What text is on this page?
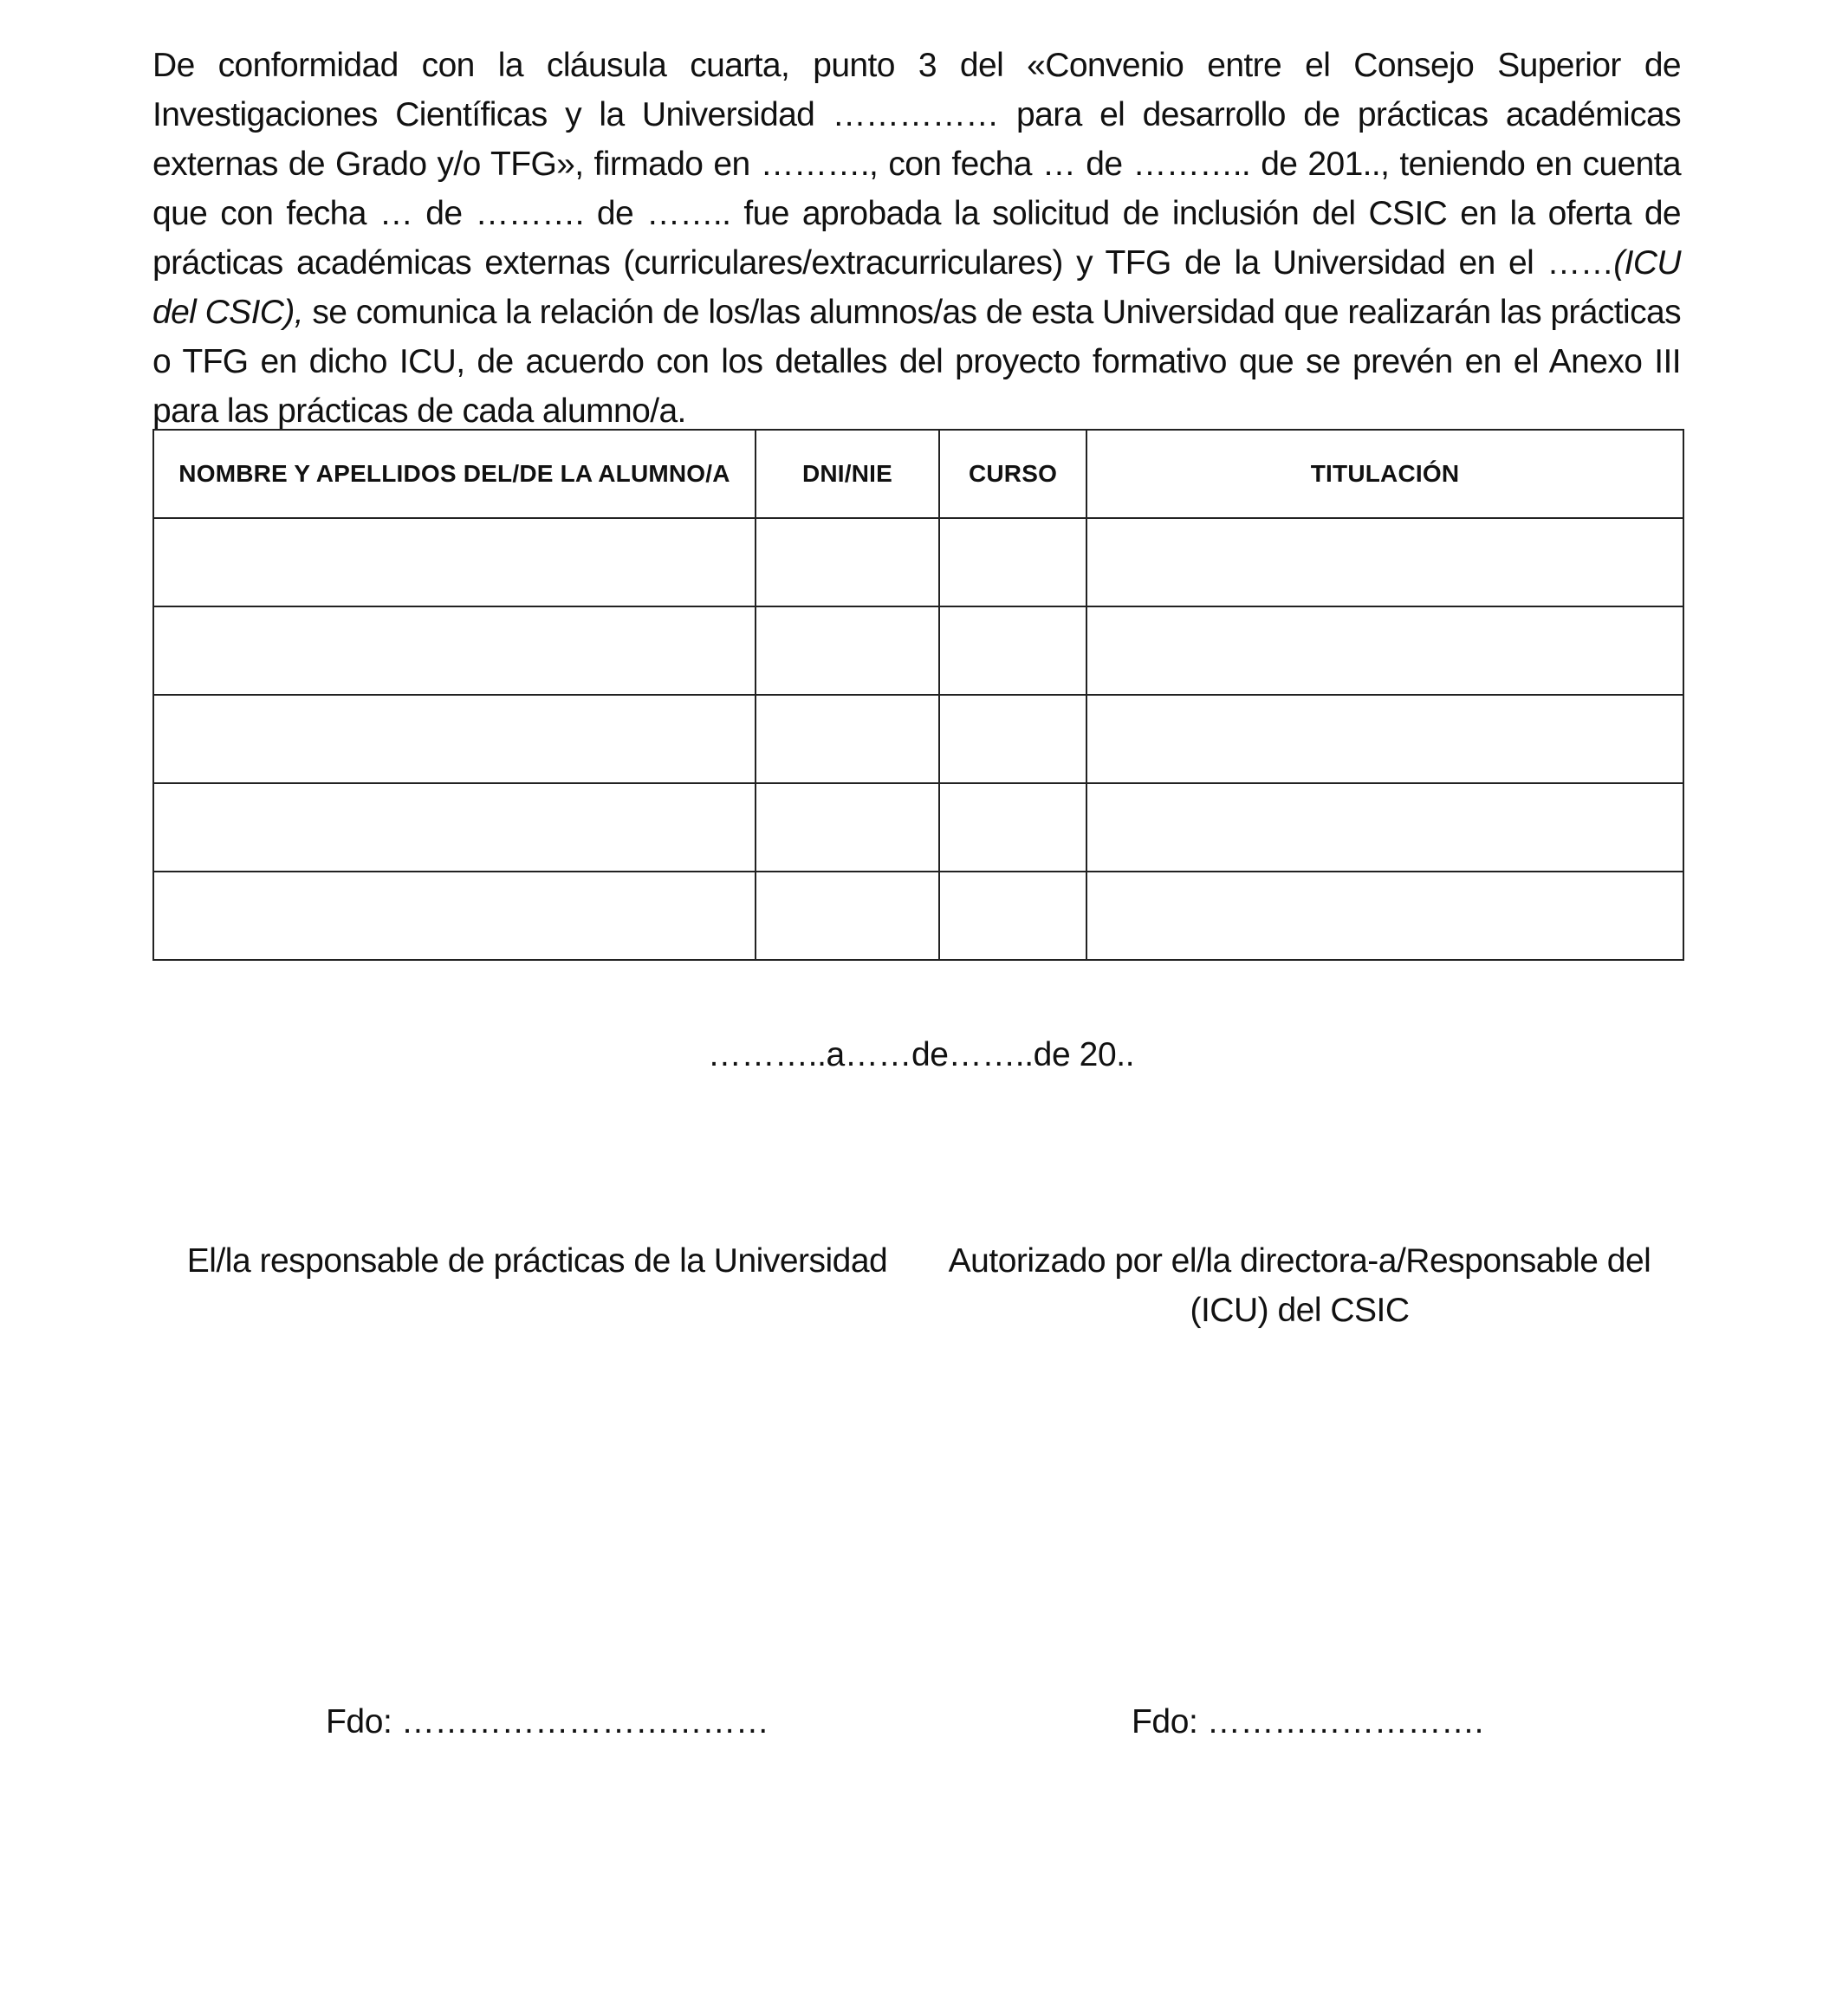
De conformidad con la cláusula cuarta, punto 3 del «Convenio entre el Consejo Superior de Investigaciones Científicas y la Universidad …………… para el desarrollo de prácticas académicas externas de Grado y/o TFG», firmado en ………., con fecha … de ……….. de 201.., teniendo en cuenta que con fecha … de ………. de …….. fue aprobada la solicitud de inclusión del CSIC en la oferta de prácticas académicas externas (curriculares/extracurriculares) y TFG de la Universidad en el ……(ICU del CSIC), se comunica la relación de los/las alumnos/as de esta Universidad que realizarán las prácticas o TFG en dicho ICU, de acuerdo con los detalles del proyecto formativo que se prevén en el Anexo III para las prácticas de cada alumno/a.

NOMBRE Y APELLIDOS DEL/DE LA ALUMNO/A	DNI/NIE	CURSO	TITULACIÓN

………..a……de……..de 20..
El/la responsable de prácticas de la Universidad	Autorizado por el/la directora-a/Responsable del
(ICU) del CSIC
Fdo: ……………………………	Fdo: …………………….
